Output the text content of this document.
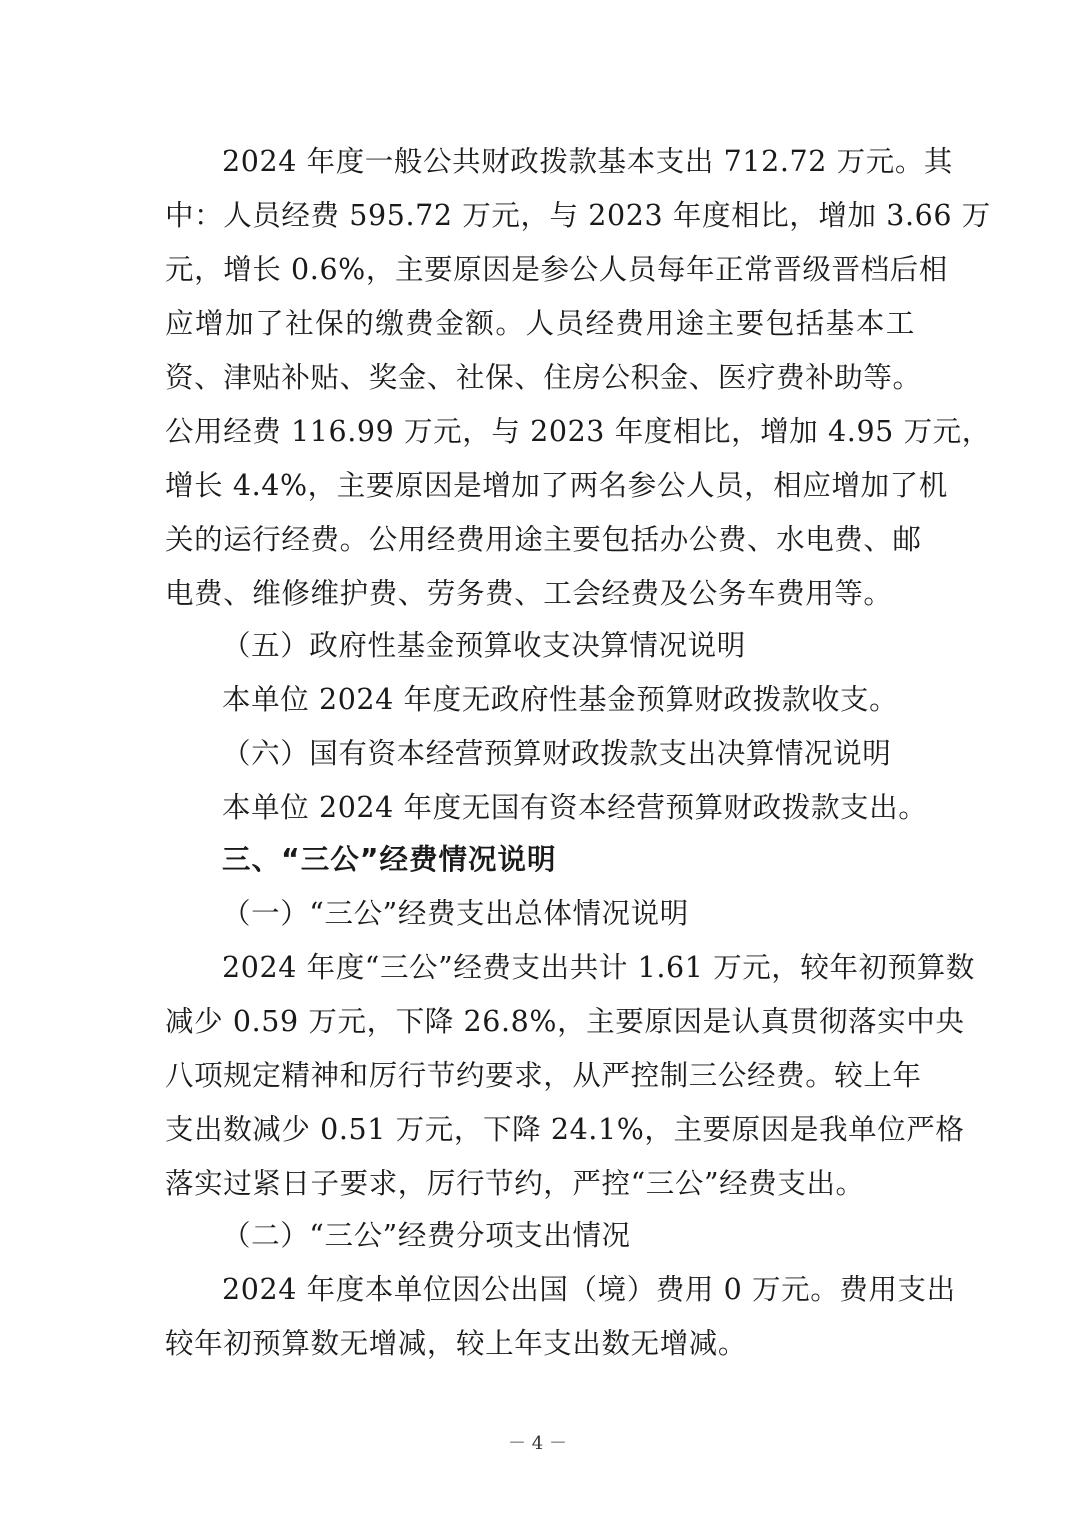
2024 年度一般公共财政拨款基本支出 712.72 万元。其
中：人员经费 595.72 万元，与 2023 年度相比，增加 3.66 万
元，增长 0.6%，主要原因是参公人员每年正常晋级晋档后相
应增加了社保的缴费金额。人员经费用途主要包括基本工
资、津贴补贴、奖金、社保、住房公积金、医疗费补助等。
公用经费 116.99 万元，与 2023 年度相比，增加 4.95 万元，
增长 4.4%，主要原因是增加了两名参公人员，相应增加了机
关的运行经费。公用经费用途主要包括办公费、水电费、邮
电费、维修维护费、劳务费、工会经费及公务车费用等。
（五）政府性基金预算收支决算情况说明
本单位 2024 年度无政府性基金预算财政拨款收支。
（六）国有资本经营预算财政拨款支出决算情况说明
本单位 2024 年度无国有资本经营预算财政拨款支出。
三、“三公”经费情况说明
（一）“三公”经费支出总体情况说明
2024 年度“三公”经费支出共计 1.61 万元，较年初预算数
减少 0.59 万元，下降 26.8%，主要原因是认真贯彻落实中央
八项规定精神和厉行节约要求，从严控制三公经费。较上年
支出数减少 0.51 万元，下降 24.1%，主要原因是我单位严格
落实过紧日子要求，厉行节约，严控“三公”经费支出。
（二）“三公”经费分项支出情况
2024 年度本单位因公出国（境）费用 0 万元。费用支出
较年初预算数无增减，较上年支出数无增减。
－ 4 －
